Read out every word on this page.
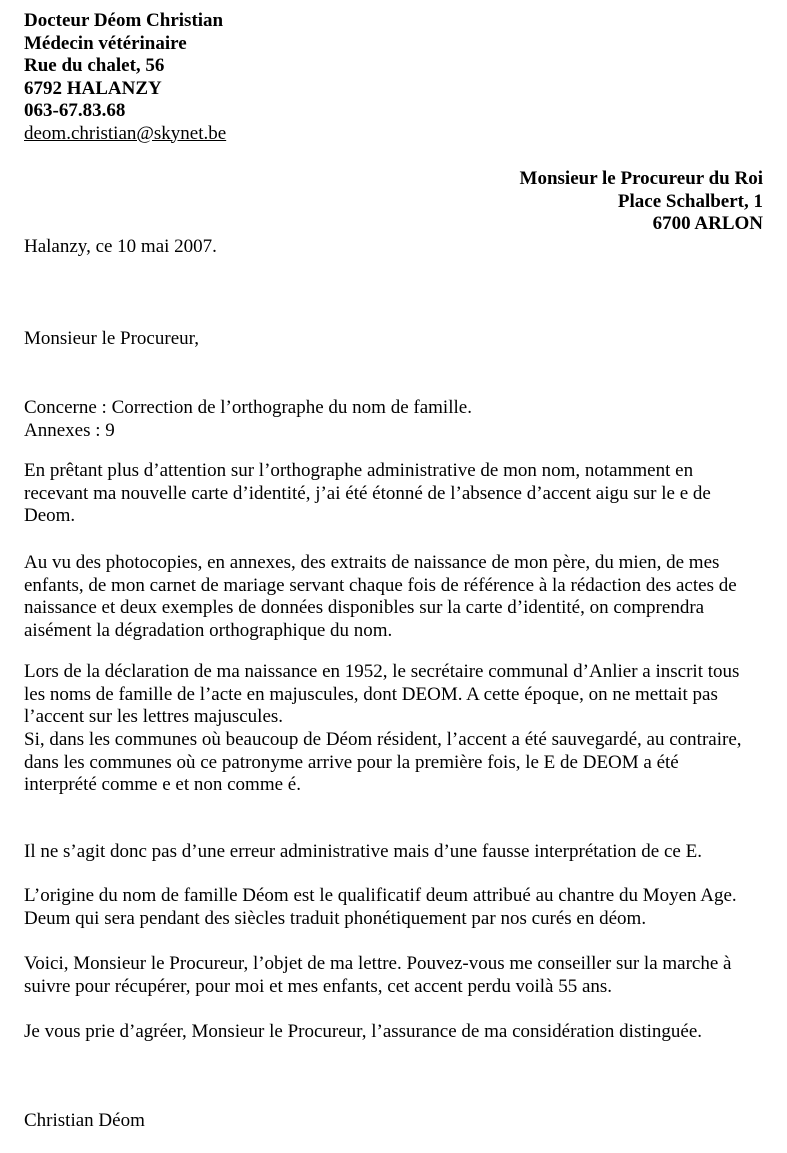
Docteur Déom Christian
Médecin vétérinaire
Rue du chalet, 56
6792 HALANZY
063-67.83.68
deom.christian@skynet.be
Monsieur le Procureur du Roi
Place Schalbert, 1
6700 ARLON
Halanzy, ce 10 mai 2007.
Monsieur le Procureur,
Concerne : Correction de l’orthographe du nom de famille.
Annexes : 9
En prêtant plus d’attention sur l’orthographe administrative de mon nom, notamment en
recevant ma nouvelle carte d’identité, j’ai été étonné de l’absence d’accent aigu sur le e de
Deom.
Au vu des photocopies, en annexes, des extraits de naissance de mon père, du mien, de mes
enfants, de mon carnet de mariage servant chaque fois de référence à la rédaction des actes de
naissance et deux exemples de données disponibles sur la carte d’identité, on comprendra
aisément la dégradation orthographique du nom.
Lors de la déclaration de ma naissance en 1952, le secrétaire communal d’Anlier a inscrit tous
les noms de famille de l’acte en majuscules, dont DEOM. A cette époque, on ne mettait pas
l’accent sur les lettres majuscules.
Si, dans les communes où beaucoup de Déom résident, l’accent a été sauvegardé, au contraire,
dans les communes où ce patronyme arrive pour la première fois, le E de DEOM a été
interprété comme e et non comme é.
Il ne s’agit donc pas d’une erreur administrative mais d’une fausse interprétation de ce E.
L’origine du nom de famille Déom est le qualificatif deum attribué au chantre du Moyen Age.
Deum qui sera pendant des siècles traduit phonétiquement par nos curés en déom.
Voici, Monsieur le Procureur, l’objet de ma lettre. Pouvez-vous me conseiller sur la marche à
suivre pour récupérer, pour moi et mes enfants, cet accent perdu voilà 55 ans.
Je vous prie d’agréer, Monsieur le Procureur, l’assurance de ma considération distinguée.
Christian Déom
